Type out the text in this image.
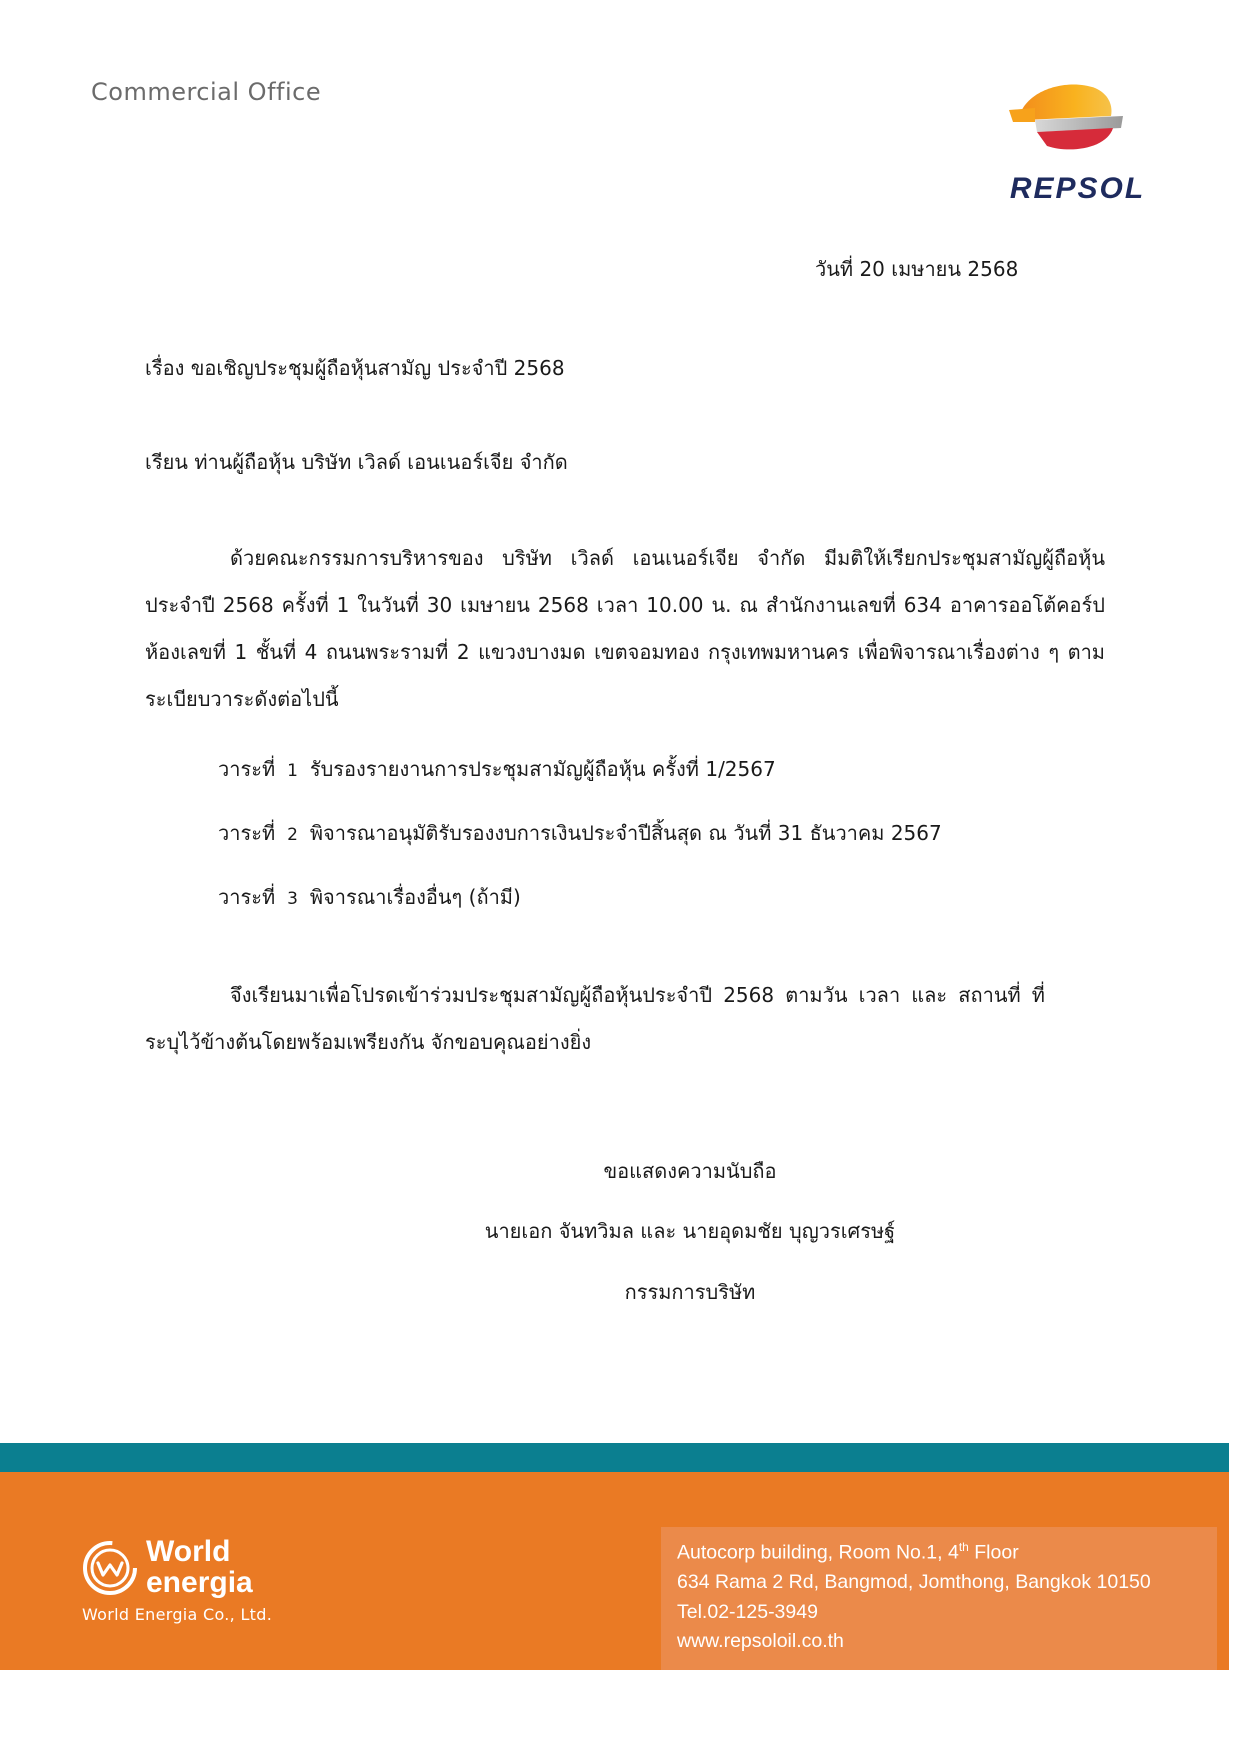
Commercial Office
REPSOL
วันที่ 20 เมษายน 2568
เรื่อง ขอเชิญประชุมผู้ถือหุ้นสามัญ ประจำปี 2568
เรียน ท่านผู้ถือหุ้น บริษัท เวิลด์ เอนเนอร์เจีย จำกัด

ด้วยคณะกรรมการบริหารของ บริษัท เวิลด์ เอนเนอร์เจีย จำกัด มีมติให้เรียกประชุมสามัญผู้ถือหุ้น ประจำปี 2568 ครั้งที่ 1 ในวันที่ 30 เมษายน 2568 เวลา 10.00 น. ณ สำนักงานเลขที่ 634 อาคารออโต้คอร์ป ห้องเลขที่ 1 ชั้นที่ 4 ถนนพระรามที่ 2 แขวงบางมด เขตจอมทอง กรุงเทพมหานคร เพื่อพิจารณาเรื่องต่าง ๆ ตามระเบียบวาระดังต่อไปนี้

วาระที่ 1 รับรองรายงานการประชุมสามัญผู้ถือหุ้น ครั้งที่ 1/2567
วาระที่ 2 พิจารณาอนุมัติรับรองงบการเงินประจำปีสิ้นสุด ณ วันที่ 31 ธันวาคม 2567
วาระที่ 3 พิจารณาเรื่องอื่นๆ (ถ้ามี)

จึงเรียนมาเพื่อโปรดเข้าร่วมประชุมสามัญผู้ถือหุ้นประจำปี 2568 ตามวัน เวลา และ สถานที่ ที่ระบุไว้ข้างต้นโดยพร้อมเพรียงกัน จักขอบคุณอย่างยิ่ง

ขอแสดงความนับถือ
นายเอก จันทวิมล และ นายอุดมชัย บุญวรเศรษฐ์
กรรมการบริษัท
World
energia
World Energia Co., Ltd.
Autocorp building, Room No.1, 4th Floor
634 Rama 2 Rd, Bangmod, Jomthong, Bangkok 10150
Tel.02-125-3949
www.repsoloil.co.th
